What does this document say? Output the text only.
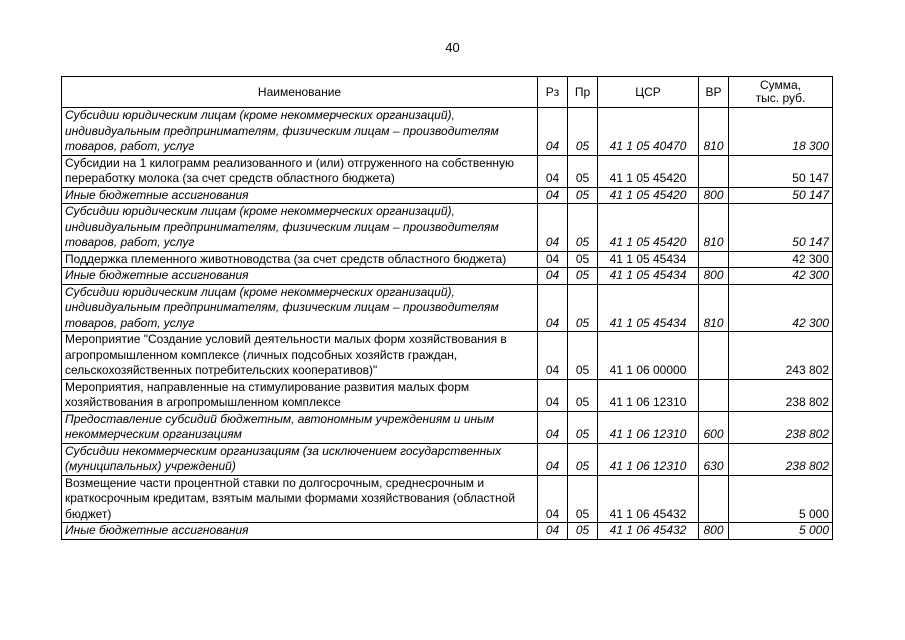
40
Наименование	Рз	Пр	ЦСР	ВР	Сумма,
тыс. руб.
Субсидии юридическим лицам (кроме некоммерческих организаций), индивидуальным предпринимателям, физическим лицам – производителям товаров, работ, услуг	04	05	41 1 05 40470	810	18 300
Субсидии на 1 килограмм реализованного и (или) отгруженного на собственную переработку молока (за счет средств областного бюджета)	04	05	41 1 05 45420		50 147
Иные бюджетные ассигнования	04	05	41 1 05 45420	800	50 147
Субсидии юридическим лицам (кроме некоммерческих организаций), индивидуальным предпринимателям, физическим лицам – производителям товаров, работ, услуг	04	05	41 1 05 45420	810	50 147
Поддержка племенного животноводства (за счет средств областного бюджета)	04	05	41 1 05 45434		42 300
Иные бюджетные ассигнования	04	05	41 1 05 45434	800	42 300
Субсидии юридическим лицам (кроме некоммерческих организаций), индивидуальным предпринимателям, физическим лицам – производителям товаров, работ, услуг	04	05	41 1 05 45434	810	42 300
Мероприятие "Создание условий деятельности малых форм хозяйствования в агропромышленном комплексе (личных подсобных хозяйств граждан, сельскохозяйственных потребительских кооперативов)"	04	05	41 1 06 00000		243 802
Мероприятия, направленные на стимулирование развития малых форм хозяйствования в агропромышленном комплексе	04	05	41 1 06 12310		238 802
Предоставление субсидий бюджетным, автономным учреждениям и иным некоммерческим организациям	04	05	41 1 06 12310	600	238 802
Субсидии некоммерческим организациям (за исключением государственных (муниципальных) учреждений)	04	05	41 1 06 12310	630	238 802
Возмещение части процентной ставки по долгосрочным, среднесрочным и краткосрочным кредитам, взятым малыми формами хозяйствования (областной бюджет)	04	05	41 1 06 45432		5 000
Иные бюджетные ассигнования	04	05	41 1 06 45432	800	5 000
